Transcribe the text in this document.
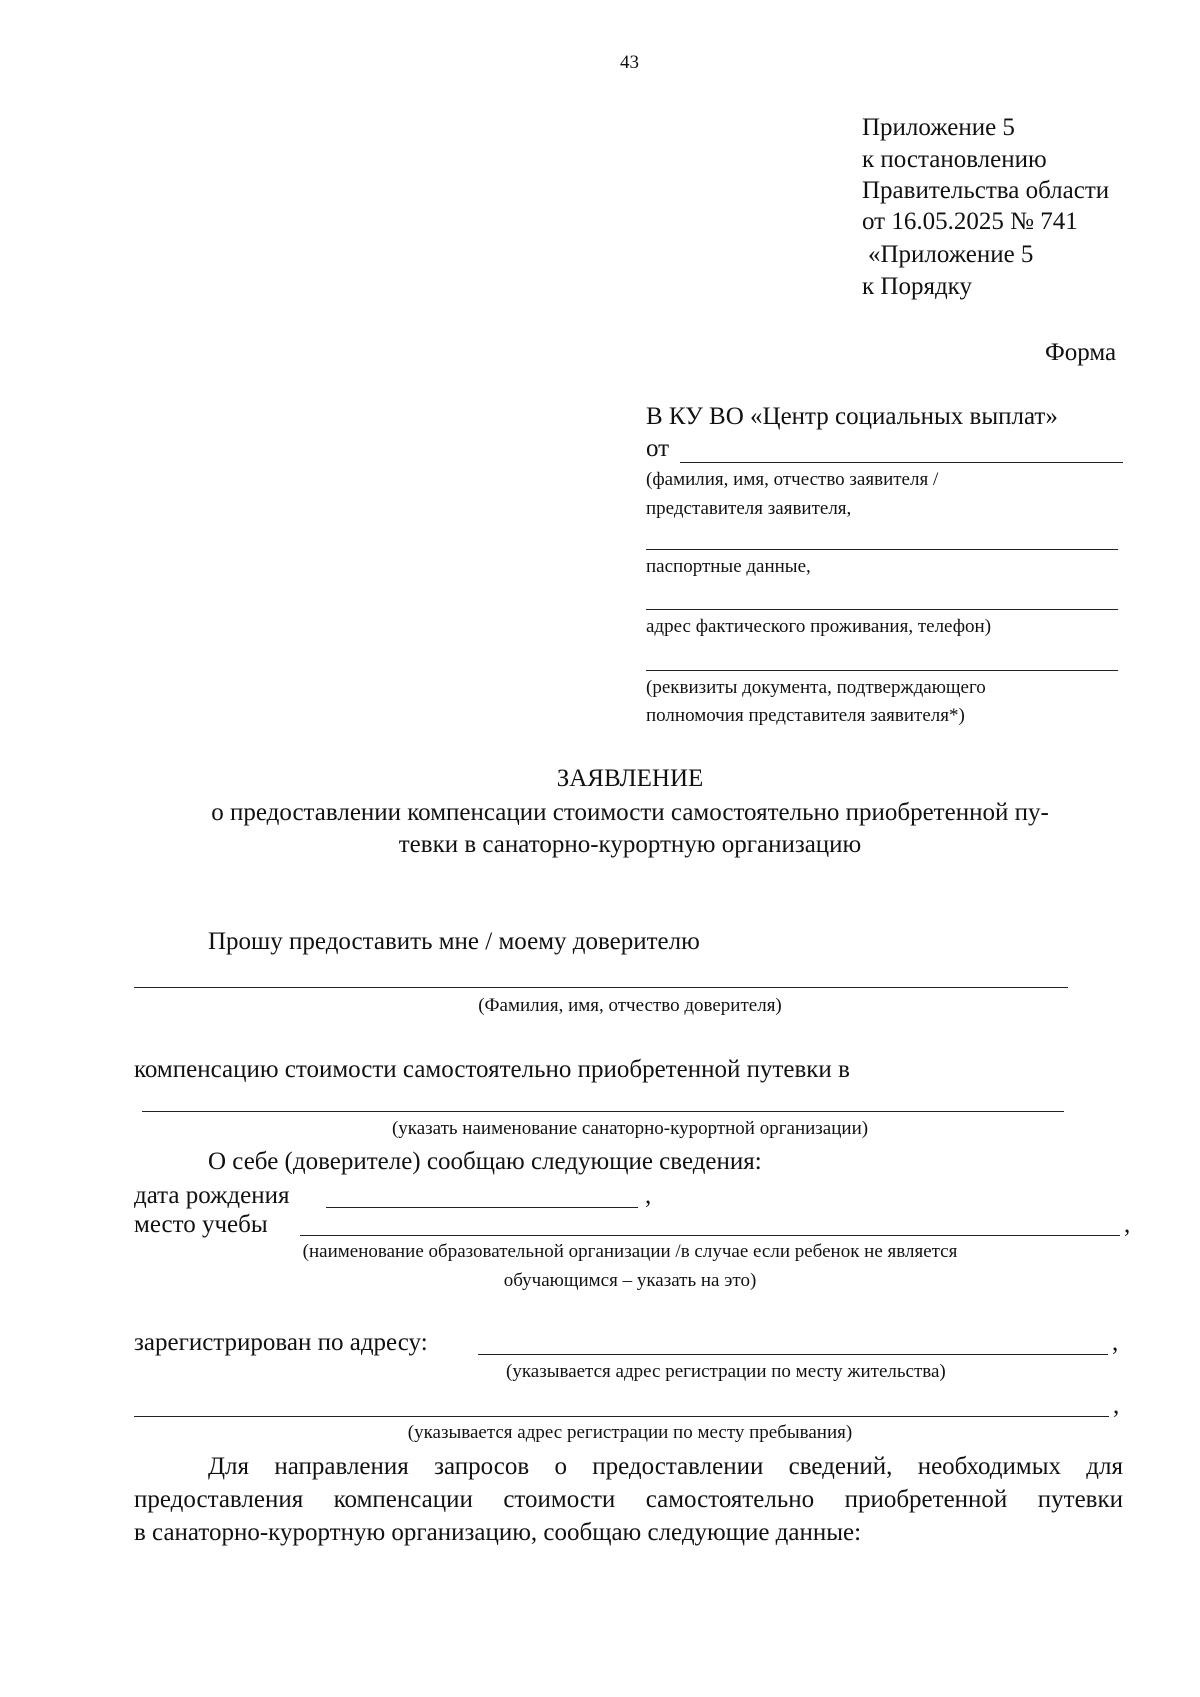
43
Приложение 5
к постановлению
Правительства области
от 16.05.2025 № 741
«Приложение 5
к Порядку
Форма
В КУ ВО «Центр социальных выплат»
от
(фамилия, имя, отчество заявителя /
представителя заявителя,
паспортные данные,
адрес фактического проживания, телефон)
(реквизиты документа, подтверждающего
полномочия представителя заявителя*)
ЗАЯВЛЕНИЕ
о предоставлении компенсации стоимости самостоятельно приобретенной пу-
тевки в санаторно-курортную организацию
Прошу предоставить мне / моему доверителю
(Фамилия, имя, отчество доверителя)
компенсацию стоимости самостоятельно приобретенной путевки в
(указать наименование санаторно-курортной организации)
О себе (доверителе) сообщаю следующие сведения:
дата рождения	,
место учебы	,
(наименование образовательной организации /в случае если ребенок не является
обучающимся – указать на это)
зарегистрирован по адресу:	,
(указывается адрес регистрации по месту жительства)
,
(указывается адрес регистрации по месту пребывания)
Для направления запросов о предоставлении сведений, необходимых для
предоставления компенсации стоимости самостоятельно приобретенной путевки
в санаторно-курортную организацию, сообщаю следующие данные:
